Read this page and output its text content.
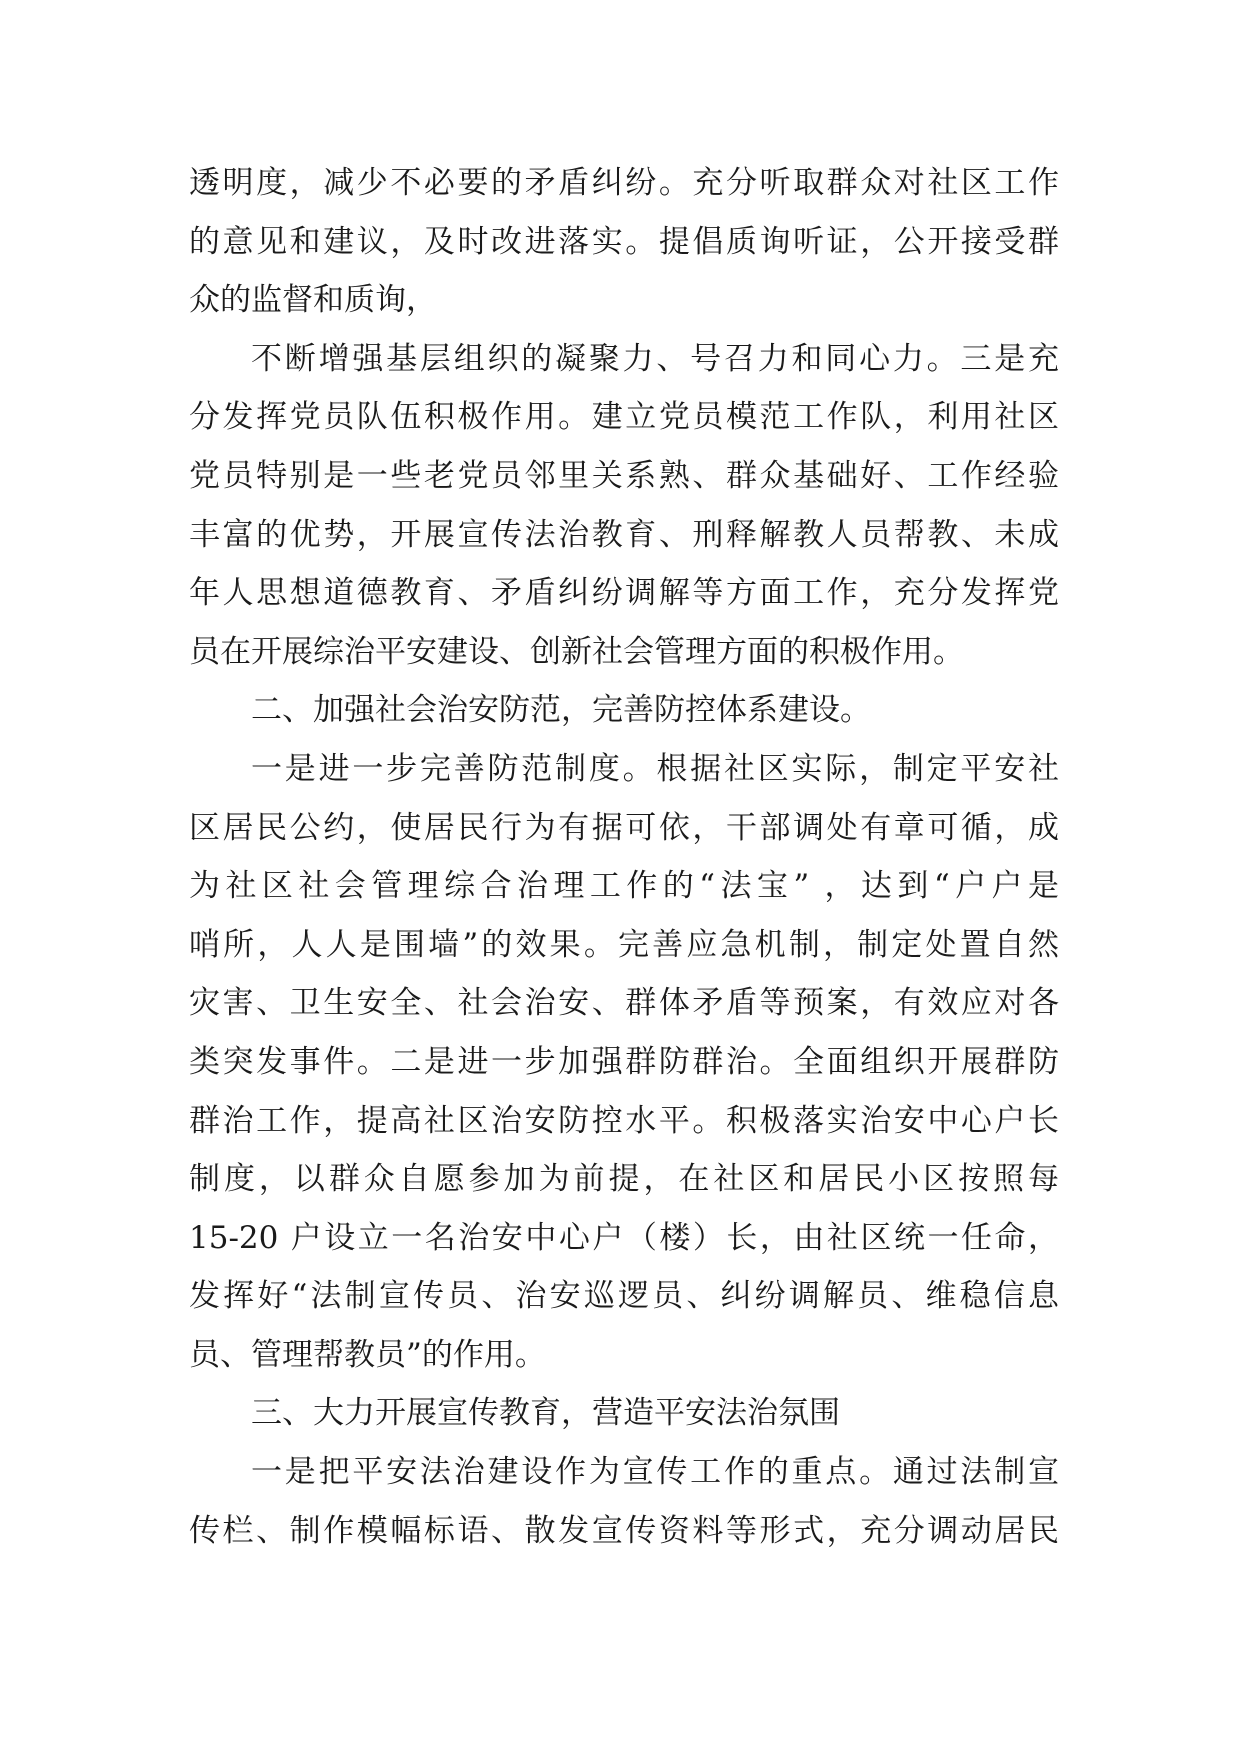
透明度，减少不必要的矛盾纠纷。充分听取群众对社区工作
的意见和建议，及时改进落实。提倡质询听证，公开接受群
众的监督和质询，
不断增强基层组织的凝聚力、号召力和同心力。三是充
分发挥党员队伍积极作用。建立党员模范工作队，利用社区
党员特别是一些老党员邻里关系熟、群众基础好、工作经验
丰富的优势，开展宣传法治教育、刑释解教人员帮教、未成
年人思想道德教育、矛盾纠纷调解等方面工作，充分发挥党
员在开展综治平安建设、创新社会管理方面的积极作用。
二、加强社会治安防范，完善防控体系建设。
一是进一步完善防范制度。根据社区实际，制定平安社
区居民公约，使居民行为有据可依，干部调处有章可循，成
为社区社会管理综合治理工作的“法宝” ，达到“户户是
哨所，人人是围墙”的效果。完善应急机制，制定处置自然
灾害、卫生安全、社会治安、群体矛盾等预案，有效应对各
类突发事件。二是进一步加强群防群治。全面组织开展群防
群治工作，提高社区治安防控水平。积极落实治安中心户长
制度，以群众自愿参加为前提，在社区和居民小区按照每
15-20 户设立一名治安中心户（楼）长，由社区统一任命，
发挥好“法制宣传员、治安巡逻员、纠纷调解员、维稳信息
员、管理帮教员”的作用。
三、大力开展宣传教育，营造平安法治氛围
一是把平安法治建设作为宣传工作的重点。通过法制宣
传栏、制作模幅标语、散发宣传资料等形式，充分调动居民
